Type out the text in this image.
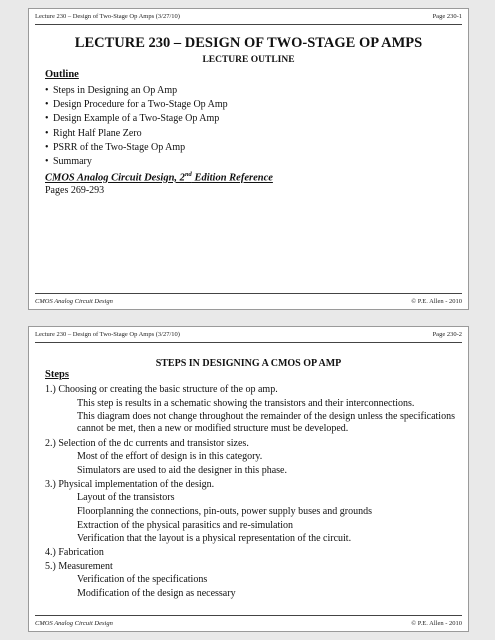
Lecture 230 – Design of Two-Stage Op Amps (3/27/10)	Page 230-1
LECTURE 230 – DESIGN OF TWO-STAGE OP AMPS
LECTURE OUTLINE
Outline
• Steps in Designing an Op Amp
• Design Procedure for a Two-Stage Op Amp
• Design Example of a Two-Stage Op Amp
• Right Half Plane Zero
• PSRR of the Two-Stage Op Amp
• Summary
CMOS Analog Circuit Design, 2nd Edition Reference
Pages 269-293
CMOS Analog Circuit Design	© P.E. Allen - 2010
Lecture 230 – Design of Two-Stage Op Amps (3/27/10)	Page 230-2
STEPS IN DESIGNING A CMOS OP AMP
Steps
1.) Choosing or creating the basic structure of the op amp.
This step is results in a schematic showing the transistors and their interconnections.
This diagram does not change throughout the remainder of the design unless the specifications cannot be met, then a new or modified structure must be developed.
2.) Selection of the dc currents and transistor sizes.
Most of the effort of design is in this category.
Simulators are used to aid the designer in this phase.
3.) Physical implementation of the design.
Layout of the transistors
Floorplanning the connections, pin-outs, power supply buses and grounds
Extraction of the physical parasitics and re-simulation
Verification that the layout is a physical representation of the circuit.
4.) Fabrication
5.) Measurement
Verification of the specifications
Modification of the design as necessary
CMOS Analog Circuit Design	© P.E. Allen - 2010
